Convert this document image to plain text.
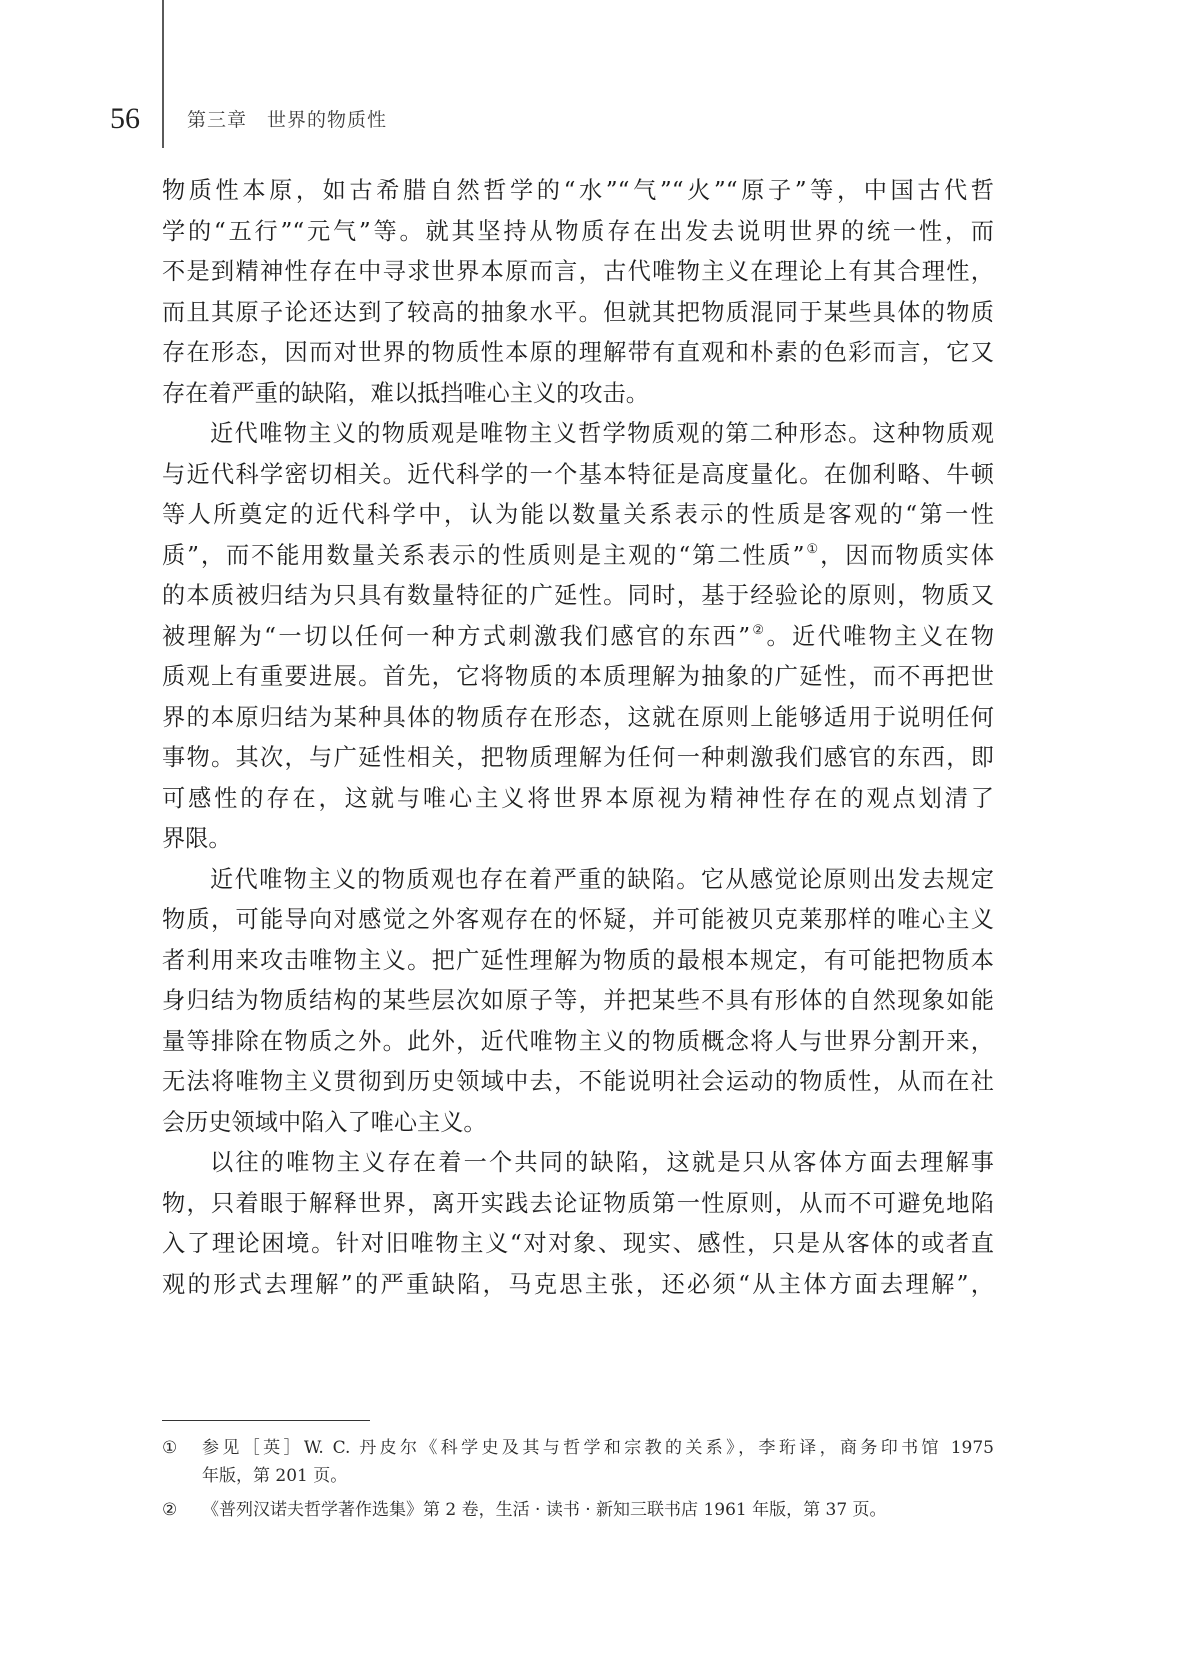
56 第三章　世界的物质性

物质性本原，如古希腊自然哲学的“水”“气”“火”“原子”等，中国古代哲
学的“五行”“元气”等。就其坚持从物质存在出发去说明世界的统一性，而
不是到精神性存在中寻求世界本原而言，古代唯物主义在理论上有其合理性，
而且其原子论还达到了较高的抽象水平。但就其把物质混同于某些具体的物质
存在形态，因而对世界的物质性本原的理解带有直观和朴素的色彩而言，它又
存在着严重的缺陷，难以抵挡唯心主义的攻击。

近代唯物主义的物质观是唯物主义哲学物质观的第二种形态。这种物质观
与近代科学密切相关。近代科学的一个基本特征是高度量化。在伽利略、牛顿
等人所奠定的近代科学中，认为能以数量关系表示的性质是客观的“第一性
质”，而不能用数量关系表示的性质则是主观的“第二性质”①，因而物质实体
的本质被归结为只具有数量特征的广延性。同时，基于经验论的原则，物质又
被理解为“一切以任何一种方式刺激我们感官的东西”②。近代唯物主义在物
质观上有重要进展。首先，它将物质的本质理解为抽象的广延性，而不再把世
界的本原归结为某种具体的物质存在形态，这就在原则上能够适用于说明任何
事物。其次，与广延性相关，把物质理解为任何一种刺激我们感官的东西，即
可感性的存在，这就与唯心主义将世界本原视为精神性存在的观点划清了
界限。

近代唯物主义的物质观也存在着严重的缺陷。它从感觉论原则出发去规定
物质，可能导向对感觉之外客观存在的怀疑，并可能被贝克莱那样的唯心主义
者利用来攻击唯物主义。把广延性理解为物质的最根本规定，有可能把物质本
身归结为物质结构的某些层次如原子等，并把某些不具有形体的自然现象如能
量等排除在物质之外。此外，近代唯物主义的物质概念将人与世界分割开来，
无法将唯物主义贯彻到历史领域中去，不能说明社会运动的物质性，从而在社
会历史领域中陷入了唯心主义。

以往的唯物主义存在着一个共同的缺陷，这就是只从客体方面去理解事
物，只着眼于解释世界，离开实践去论证物质第一性原则，从而不可避免地陷
入了理论困境。针对旧唯物主义“对对象、现实、感性，只是从客体的或者直
观的形式去理解”的严重缺陷，马克思主张，还必须“从主体方面去理解”，

① 参见［英］W. C. 丹皮尔《科学史及其与哲学和宗教的关系》，李珩译，商务印书馆 1975
年版，第 201 页。
② 《普列汉诺夫哲学著作选集》第 2 卷，生活 · 读书 · 新知三联书店 1961 年版，第 37 页。
